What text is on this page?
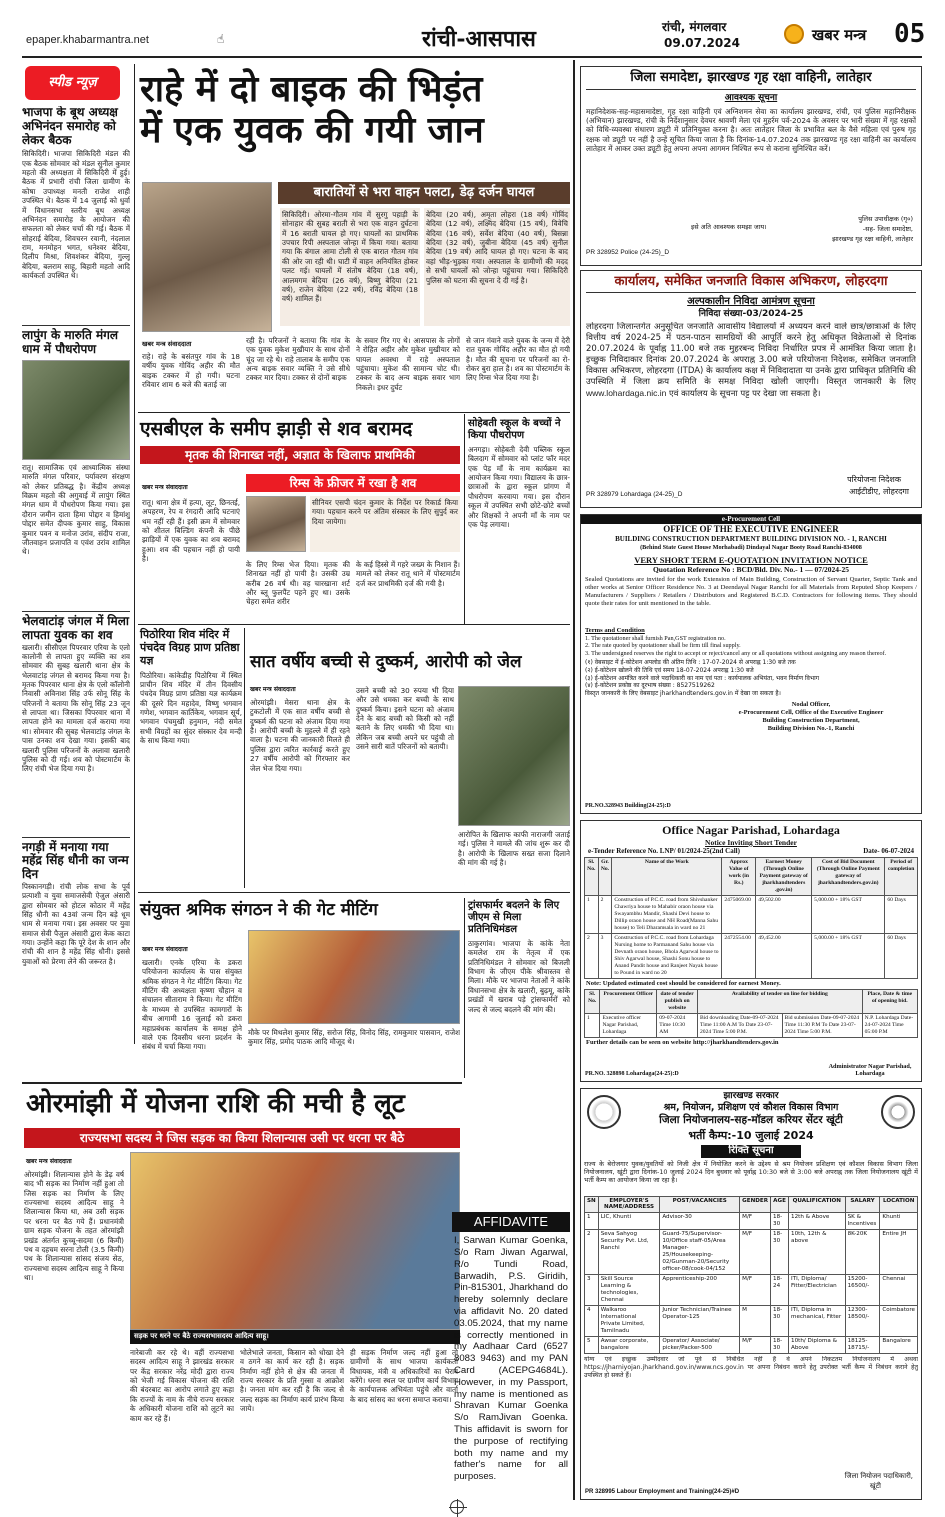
epaper.khabarmantra.net	☝	रांची-आसपास	रांची, मंगलवार
09.07.2024	खबर मन्त्र 05
स्पीड न्यूज़
भाजपा के बूथ अध्यक्ष अभिनंदन समारोह को लेकर बैठक
सिकिदिरी। भाजपा सिकिदिरी मंडल की एक बैठक सोमवार को मंडल सुनील कुमार महतो की अध्यक्षता में सिकिदिरी में हुई। बैठक में प्रभारी रांची जिला ग्रामीण के कोषा उपाध्यक्ष मनती राजेश शाही उपस्थित थे। बैठक में 14 जुलाई को धुर्वा में विधानसभा स्तरीय बूथ अध्यक्ष अभिनंदन समारोह के आयोजन की सफलता को लेकर चर्चा की गई। बैठक में सोहराई बेदिया, शिवचरन रवानी, नंदलाल राम, मनमोहन भगत, धनेश्वर बेदिया, दिलीप मिश्रा, शिवशंकर बेदिया, गुल्लू बेदिया, बलराम साहू, बिहारी महतो आदि कार्यकर्ता उपस्थित थे।
लापुंग के मारुति मंगल धाम में पौधरोपण
रातू। सामाजिक एवं आध्यात्मिक संस्था मारुति मंगल परिवार, पर्यावरण संरक्षण को लेकर प्रतिबद्ध है। केंद्रीय अध्यक्ष विक्रम महतो की अगुवाई में लापुंग स्थित मंगल धाम में पौधरोपण किया गया। इस दौरान जमीन दाता हिमा पोद्दार व हिमांशु पोद्दार समेत दीपक कुमार साहु, विकास कुमार पवन व मनोज उरांव, संदीप राजा, जीतवाहन प्रजापति व एवंश उरांव शामिल थे।
भेलवाटांड़ जंगल में मिला लापता युवक का शव
खलारी। सीसीएल पिपरवार एरिया के एलो कालोनी से लापता हुए व्यक्ति का शव सोमवार की सुबह खलारी थाना क्षेत्र के भेलवाटांड़ जंगल से बरामद किया गया है। मृतक पिपरवार थाना क्षेत्र के एलो कॉलोनी निवासी अविनाश सिंह उर्फ सोनू सिंह के परिजनों ने बताया कि सोनू सिंह 23 जून से लापता था। जिसका पिपरवार थाना में लापता होने का मामला दर्ज कराया गया था। सोमवार की सुबह भेलवाटांड़ जंगल के पास उनका शव देखा गया। इसकी बाद खलारी पुलिस परिजनों के अलावा खलारी पुलिस को दी गई। शव को पोस्टमार्टम के लिए रांची भेज दिया गया है।
नगड़ी में मनाया गया महेंद्र सिंह धौनी का जन्म दिन
पिस्कानगड़ी। रांची लोक सभा के पूर्व प्रत्याशी व युवा समाजसेवी ऐजुल अंसारी द्वारा सोमवार को होटल कोठार में महेंद्र सिंह धौनी का 43वां जन्म दिन बड़े धूम धाम से मनाया गया। इस अवसर पर युवा समाज सेवी पैजुल अंसारी द्वारा केक काटा गया। उन्होंने कहा कि पूरे देश के शान और रांची की शान है महेंद्र सिंह धौनी। इससे युवाओं को प्रेरणा लेने की जरूरत है।
राहे में दो बाइक की भिड़ंत
में एक युवक की गयी जान
बारातियों से भरा वाहन पलटा, डेढ़ दर्जन घायल
सिकिदिरी। ओरमा-गौतम गांव में सुरगु पहाड़ी के सोनाहार की सुबह बराती से भरा एक वाहन दुर्घटना में 16 बराती घायल हो गए। घायलों का प्राथमिक उपचार रिपी अस्पताल जोन्हा में किया गया। बताया गया कि बंगाल आमा टोली से एक बारात गौतम गांव की ओर जा रही थी। घाटी में वाहन अनियंत्रित होकर पलट गई। घायलों में संतोष बेदिया (18 वर्ष), आलमगम बेदिया (26 वर्ष), बिष्णु बेदिया (21 वर्ष), राजेन बेदिया (22 वर्ष), रविंद्र बेदिया (18 वर्ष) शामिल हैं।
बेदिया (20 वर्ष), अमृता लोहरा (18 वर्ष) गोविंद बेदिया (12 वर्ष), लक्ष्मिंद बेदिया (15 वर्ष), विवेचि बेदिया (16 वर्ष), सर्वेश बेदिया (40 वर्ष), बिसन्ना बेदिया (32 वर्ष), जुबीना बेदिया (45 वर्ष) सुनील बेदिया (19 वर्ष) आदि घायल हो गए। घटना के बाद वहां भीड़-भुड़का गया। अस्पताल के ग्रामीणों की मदद से सभी घायलों को जोन्हा पहुंचाया गया। सिकिदिरी पुलिस को घटना की सूचना दे दी गई है।
खबर मन्त्र संवाददाता
राहे। राहे के बसंतपुर गांव के 18 वर्षीय युवक गोविंद अहीर की मौत बाइक टक्कर में हो गयी। घटना रविवार शाम 6 बजे की बताई जा
रही है। परिजनों ने बताया कि गांव के एक युवक मुकेश मुखीयार के साथ दोनों चूंद जा रहे थे। राहे तालाब के समीप एक अन्य बाइक सवार व्यक्ति ने उसे सीधे टक्कर मार दिया। टक्कर से दोनों बाइक
के सवार गिर गए थे। आसपास के लोगों ने रोहित अहीर और मुकेश मुखीयार को घायल अवस्था में राहे अस्पताल पहुंचाया। मुकेश की सामान्य चोट थी। टक्कर के बाद अन्य बाइक सवार भाग निकले। इधर दुर्घट
से जान गंवाने वाले युवक के जन्म में देरी रात युवक गोविंद अहीर का मौत हो गयी है। मौत की सूचना पर परिजनों का रो-रोकर बुरा हाल है। शव का पोस्टमार्टम के लिए रिम्स भेज दिया गया है।
एसबीएल के समीप झाड़ी से शव बरामद
मृतक की शिनाख्त नहीं, अज्ञात के खिलाफ प्राथमिकी
रिम्स के फ्रीजर में रखा है शव
खबर मन्त्र संवाददाता
रातू। थाना क्षेत्र में हत्या, लूट, छिनतई, अपहरण, रेप व रंगदारी आदि घटनाएं थम नहीं रही हैं। इसी क्रम में सोमवार को शीतल बिल्डिंग कंपनी के पीछे झाड़ियों में एक युवक का शव बरामद हुआ। शव की पहचान नहीं हो पायी है।
सीनियर एसपी चंदन कुमार के निर्देश पर रिकार्ड किया गया। पहचान करने पर अंतिम संस्कार के लिए सुपुर्द कर दिया जायेगा।
के लिए रिम्स भेज दिया। मृतक की शिनाख्त नहीं हो पायी है। उसकी उम्र करीब 26 वर्ष थी। वह चारखाना शर्ट और ब्लू फुलपैंट पहने हुए था। उसके चेहरा समेत शरीर
के कई हिस्से में गहरे जख्म के निशान हैं। मामले को लेकर रातू थाने में पोस्टमार्टम दर्ज कर प्राथमिकी दर्ज की गयी है।
सोहेबती स्कूल के बच्चों ने किया पौधरोपण
अनगड़ा। सोहेबती देवी पब्लिक स्कूल बिलदाग में सोमवार को प्लांट फॉर मदर एक पेड़ माँ के नाम कार्यक्रम का आयोजन किया गया। विद्यालय के छात्र-छात्राओं के द्वारा स्कूल प्रांगण में पौधरोपण करवाया गया। इस दौरान स्कूल में उपस्थित सभी छोटे-छोटे बच्चों और शिक्षकों ने अपनी माँ के नाम पर एक पेड़ लगाया।
पिठोरिया शिव मंदिर में पंचदेव विग्रह प्राण प्रतिष्ठा यज्ञ
पिठोरिया। कांकेडीह पिठोरिया में स्थित प्राचीन शिव मंदिर में तीन दिवसीय पंचदेव विग्रह प्राण प्रतिष्ठा यज्ञ कार्यक्रम की दूसरे दिन महादेव, विष्णु भगवान गणेश, भगवान कार्तिकेय, भगवान सूर्य, भगवान पंचमुखी हनुमान, नंदी समेत सभी विग्रहों का सुंदर संस्कार देव मन्दी के साथ किया गया।
सात वर्षीय बच्ची से दुष्कर्म, आरोपी को जेल
खबर मन्त्र संवाददाता
ओरमांझी। मेसरा थाना क्षेत्र के टुकटोली में एक सात वर्षीय बच्ची से दुष्कर्म की घटना को अंजाम दिया गया है। आरोपी बच्ची के मुहल्ले में ही रहने वाला है। घटना की जानकारी मिलते ही पुलिस द्वारा त्वरित कार्रवाई करते हुए 27 वर्षीय आरोपी को गिरफ्तार कर जेल भेज दिया गया।
उसने बच्ची को 30 रुपया भी दिया और उसे धमका कर बच्ची के साथ दुष्कर्म किया। इसने घटना को अंजाम देने के बाद बच्ची को किसी को नहीं बताने के लिए धमकी भी दिया था। लेकिन जब बच्ची अपने घर पहुंची तो उसने सारी बातें परिजनों को बतायी।
आरोपित के खिलाफ काफी नाराजगी जताई गई। पुलिस ने मामले की जांच शुरू कर दी है। आरोपी के खिलाफ सख्त सजा दिलाने की मांग की गई है।
संयुक्त श्रमिक संगठन ने की गेट मीटिंग
खबर मन्त्र संवाददाता
खलारी। एनके एरिया के डकरा परियोजना कार्यालय के पास संयुक्त श्रमिक संगठन ने गेट मीटिंग किया। गेट मीटिंग की अध्यक्षता कृष्णा चौहान व संचालन सीताराम ने किया। गेट मीटिंग के माध्यम से उपस्थित कामगारों के बीच आगामी 16 जुलाई को डकरा महाप्रबंधक कार्यालय के समक्ष होने वाले एक दिवसीय धरना प्रदर्शन के संबंध में चर्चा किया गया।
मौके पर मिथलेश कुमार सिंह, सरोज सिंह, विनोद सिंह, रामकुमार पासवान, राजेश कुमार सिंह, प्रमोद पाठक आदि मौजूद थे।
ट्रांसफार्मर बदलने के लिए जीएम से मिला प्रतिनिधिमंडल
ठाकुरगांव। भाजपा के कांके नेता कमलेश राम के नेतृत्व में एक प्रतिनिधिमंडल ने सोमवार को बिजली विभाग के जीएम पीके श्रीवास्तव से मिला। मौके पर भाजपा नेताओं ने कांके विधानसभा क्षेत्र के खलारी, बुढ़मू, कांके प्रखंडों में खराब पड़े ट्रांसफार्मरों को जल्द से जल्द बदलने की मांग की।
ओरमांझी में योजना राशि की मची है लूट
राज्यसभा सदस्य ने जिस सड़क का किया शिलान्यास उसी पर धरना पर बैठे
खबर मन्त्र संवाददाता
ओरमांझी। शिलान्यास होने के डेढ़ वर्ष बाद भी सड़क का निर्माण नहीं हुआ तो जिस सड़क का निर्माण के लिए राज्यसभा सदस्य आदित्य साहू ने शिलान्यास किया था, अब उसी सड़क पर धरना पर बैठ गये हैं। प्रधानमंत्री ग्राम सड़क योजना के तहत ओरमांझी प्रखंड अंतर्गत कुच्चू-सदमा (6 किमी) पथ व दहचम सरना टोली (3.5 किमी) पथ के शिलान्यास सांसद संजय सेठ, राज्यसभा सदस्य आदित्य साहू ने किया था।
सड़क पर धरने पर बैठे राज्यसभासदस्य आदित्य साहू।
नारेबाजी कर रहे थे। वहीं राज्यसभा सदस्य आदित्य साहू ने झारखंड सरकार पर केंद्र सरकार नरेंद्र मोदी द्वारा राज्य को भेजी गई विकास योजना की राशि की बंदरबाट का आरोप लगाते हुए कहा कि राज्यों के नाम के नीचे राज्य सरकार के अधिकारी योजना राशि को लूटने का काम कर रहे हैं।
भोलेभाले जनता, किसान को धोखा देने व ठगने का कार्य कर रही है। सड़क निर्माण नहीं होने से क्षेत्र की जनता में राज्य सरकार के प्रति गुस्सा व आक्रोश है। जनता मांग कर रही है कि जल्द से जल्द सड़क का निर्माण कार्य प्रारंभ किया जाये।
ही सड़क निर्माण जल्द नहीं हुआ तो ग्रामीणों के साथ भाजपा कार्यकर्ता विधायक, मंत्री व अधिकारियों का घेराव करेंगे। धरना स्थल पर ग्रामीण कार्य विभाग के कार्यपालक अभियंता पहुंचे और वार्ता के बाद सांसद का धरना समाप्त कराया।
AFFIDAVITE
I, Sarwan Kumar Goenka, S/o Ram Jiwan Agarwal, R/o Tundi Road, Barwadih, P.S. Giridih, Pin-815301, Jharkhand do hereby solemnly declare via affidavit No. 20 dated 03.05.2024, that my name is correctly mentioned in my Aadhaar Card (6527 8083 9463) and my PAN Card (ACEPG4684L). However, in my Passport, my name is mentioned as Shravan Kumar Goenka S/o RamJivan Goenka. This affidavit is sworn for the purpose of rectifying both my name and my father's name for all purposes.
जिला समादेष्टा, झारखण्ड गृह रक्षा वाहिनी, लातेहार
आवश्यक सूचना
महानिदेशक-सह-महासमादेष्टा, गृह रक्षा वाहिनी एवं अग्निशमन सेवा का कार्यालय झारखण्ड, रांची, एवं पुलिस महानिरीक्षक (अभियान) झारखण्ड, रांची के निर्देशानुसार देवघर श्रावणी मेला एवं मुहर्रम पर्व-2024 के अवसर पर भारी संख्या में गृह रक्षकों को विधि-व्यवस्था संधारण ड्यूटी में प्रतिनियुक्त करना है। अतः लातेहार जिला के प्रभावित बल के वैसे महिला एवं पुरुष गृह रक्षक जो ड्यूटी पर नहीं है उन्हें सूचित किया जाता है कि दिनांक-14.07.2024 तक झारखण्ड गृह रक्षा वाहिनी का कार्यालय लातेहार में आकर उक्त ड्यूटी हेतु अपना अपना आगमन निश्चित रूप से कराना सुनिश्चित करें।
इसे अति आवश्यक समझा जाय।
पुलिस उपाधीक्षक (गृ०)
-सह- जिला समादेष्टा,
झारखण्ड गृह रक्षा वाहिनी, लातेहार
PR 328952 Police (24-25)_D
कार्यालय, समेकित जनजाति विकास अभिकरण, लोहरदगा
अल्पकालीन निविदा आमंत्रण सूचना
निविदा संख्या-03/2024-25
लोहरदगा जिलान्तर्गत अनुसूचित जनजाति आवासीय विद्यालयों में अध्ययन करने वाले छात्र/छात्राओं के लिए वित्तीय वर्ष 2024-25 में पठन-पाठन सामग्रियों की आपूर्ति करने हेतु अधिकृत विक्रेताओं से दिनांक 20.07.2024 के पूर्वाह्न 11.00 बजे तक मुहरबन्द निविदा निर्धारित प्रपत्र में आमंत्रित किया जाता है। इच्छुक निविदाकार दिनांक 20.07.2024 के अपराह्न 3.00 बजे परियोजना निदेशक, समेकित जनजाति विकास अभिकरण, लोहरदगा (ITDA) के कार्यालय कक्ष में निविदादाता या उनके द्वारा प्राधिकृत प्रतिनिधि की उपस्थिति में जिला क्रय समिति के समक्ष निविदा खोली जाएगी। विस्तृत जानकारी के लिए www.lohardaga.nic.in एवं कार्यालय के सूचना पट्ट पर देखा जा सकता है।
परियोजना निदेशक
आईटीडीए, लोहरदगा
PR 328979 Lohardaga (24-25)_D
e-Procurement Cell
OFFICE OF THE EXECUTIVE ENGINEER
BUILDING CONSTRUCTION DEPARTMENT BUILDING DIVISION NO. - 1, RANCHI
(Behind State Guest House Morhabadi) Dindayal Nagar Booty Road Ranchi-834008
VERY SHORT TERM E-QUOTATION INVITATION NOTICE
Quotation Reference No : BCD/Bld. Div. No.- 1 — 07/2024-25
Sealed Quotations are invited for the work Extension of Main Building, Construction of Servant Quarter, Septic Tank and other works at Senior Officer Residence No. 3 at Deendayal Nagar Ranchi for all Materials from Reputed Shop Keepers / Manufacturers / Suppliers / Retailers / Distributors and Registered B.C.D. Contractors for following items. They should quote their rates for unit mentioned in the table.
Terms and Condition
1. The quotationer shall furnish Pan,GST registration no.
2. The rate quoted by quotationer shall be firm till final supply.
3. The undersigned reserves the right to accept or reject/cancel any or all quotations without assigning any reason thereof.
(१) वेबसाइट में ई-कोटेशन अपलोड की अंतिम तिथि : 17-07-2024 से अपराह्न 1:30 बजे तक
(२) ई-कोटेशन खोलने की तिथि एवं समय 18-07-2024 अपराह्न 1:30 बजे
(३) ई-कोटेशन आमंत्रित करने वाले पदाधिकारी का नाम एवं पता : कार्यपालक अभियंता, भवन निर्माण विभाग
(४) ई-कोटेशन प्रकोष्ठ का दूरभाष संख्या : 8527519262
विस्तृत जानकारी के लिए वेबसाइट jharkhandtenders.gov.in में देखा जा सकता है।
Nodal Officer,
e-Procurement Cell, Office of the Executive Engineer
Building Construction Department,
Building Division No.-1, Ranchi
PR.NO.328943 Building(24-25):D
Office Nagar Parishad, Lohardaga
Notice Inviting Short Tender
e-Tender Reference No. LNP/ 01/2024-25(2nd Call)	Date- 06-07-2024
Sl. No.	Gr. No.	Name of the Work	Approx Value of work (in Rs.)	Earnest Money (Through Online Payment gateway of jharkhandtenders .gov.in)	Cost of Bid Document (Through Online Payment gateway of jharkhandtenders.gov.in)	Period of completion
1	2	Construction of P.C.C. road from Shivshanker Chawriya house to Mahabir oraon house via Swayambhu Mandir, Shashi Devi house to Dillip oraon house and NH Road(Manna Sahu house) to Teli Dharamsala in ward no 21	2475069.00	49,502.00	5,000.00 + 18% GST	60 Days
2	3	Construction of P.C.C. road from Lohardaga Nursing home to Parmanand Sahu house via Devnath oraon house, Bhola Agarwal house to Shiv Agarwal house, Shashi Sonu house to Anand Pandit house and Ranjeet Nayak house to Pound in ward no 20	2472554.00	49,452.00	5,000.00 + 18% GST	60 Days
Note: Updated estimated cost should be considered for earnest Money.
Sl. No.	Procurement Officer	date of tender publish on website	Availability of tender on line for bidding		Place, Date & time of opening bid.
1	Executive officer Nagar Parishad, Lohardaga	09-07-2024 Time 10:30 AM	Bid downloading Date-09-07-2024 Time 11:00 A.M To Date 23-07-2024 Time 5:00 P.M.	Bid submission Date-09-07-2024 Time 11:30 P.M To Date 23-07-2024 Time 5:00 P.M.	N.P. Lohardaga Date- 24-07-2024 Time 05:00 P.M
Further details can be seen on website http://jharkhandtenders.gov.in
PR.NO. 328898 Lohardaga(24-25):D
Administrator Nagar Parishad, Lohardaga
झारखण्ड सरकार
श्रम, नियोजन, प्रशिक्षण एवं कौशल विकास विभाग
जिला नियोजनालय-सह-मॉडल करियर सेंटर खूंटी
भर्ती कैम्प:-10 जुलाई 2024
रिक्ति सूचना
राज्य के बेरोजगार युवक/युवतियों को निजी क्षेत्र में नियोजित करने के उद्देश्य से श्रम नियोजन प्रशिक्षण एवं कौशल विकास विभाग जिला नियोजनालय, खूंटी द्वारा दिनांक-10 जुलाई 2024 दिन बुधवार को पूर्वाह्न 10:30 बजे से 3:00 बजे अपराह्न तक जिला नियोजनालय खूंटी में भर्ती कैम्प का आयोजन किया जा रहा है।
SN	EMPLOYER'S NAME/ADDRESS	POST/VACANCIES	GENDER	AGE	QUALIFICATION	SALARY	LOCATION
1	LIC, Khunti	Advisor-30	M/F	18-30	12th & Above	SK & Incentives	Khunti
2	Seva Sahyog Security Pvt. Ltd, Ranchi	Guard-75/Supervisor-10/Office staff-05/Area Manager-25/Housekeeping-02/Gunman-20/Security officer-08/cook-04/152	M/F	18-30	10th, 12th & above	8K-20K	Entire JH
3	Skill Source Learning & technologies, Chennai	Apprenticeship-200	M/F	18-24	ITI, Diploma/ Fitter/Electrician	15200-16500/-	Chennai
4	Walkaroo International Private Limited, Tamilnadu	Junior Technician/Trainee Operator-125	M	18-30	ITI, Diploma in mechanical, Fitter	12300-18500/-	Coimbatore
5	Awsar corporate, bangalore	Operator/ Associate/ picker/Packer-500	M/F	18-30	10th/ Diploma & Above	18125-18715/-	Bangalore
योग्य एवं इच्छुक उम्मीदवार जो पूर्व से निबंधित नहीं है वे अपने निकटतम नियोजनालय में अथवा https://jharniyojan.jharkhand.gov.in/www.ncs.gov.in पर अपना निबंधन कराने हेतु उपरोक्त भर्ती कैम्प में निबंधन कराने हेतु उपस्थित हो सकते हैं।
जिला नियोजन पदाधिकारी,
खूंटी
PR 328995 Labour Employment and Training(24-25)#D
